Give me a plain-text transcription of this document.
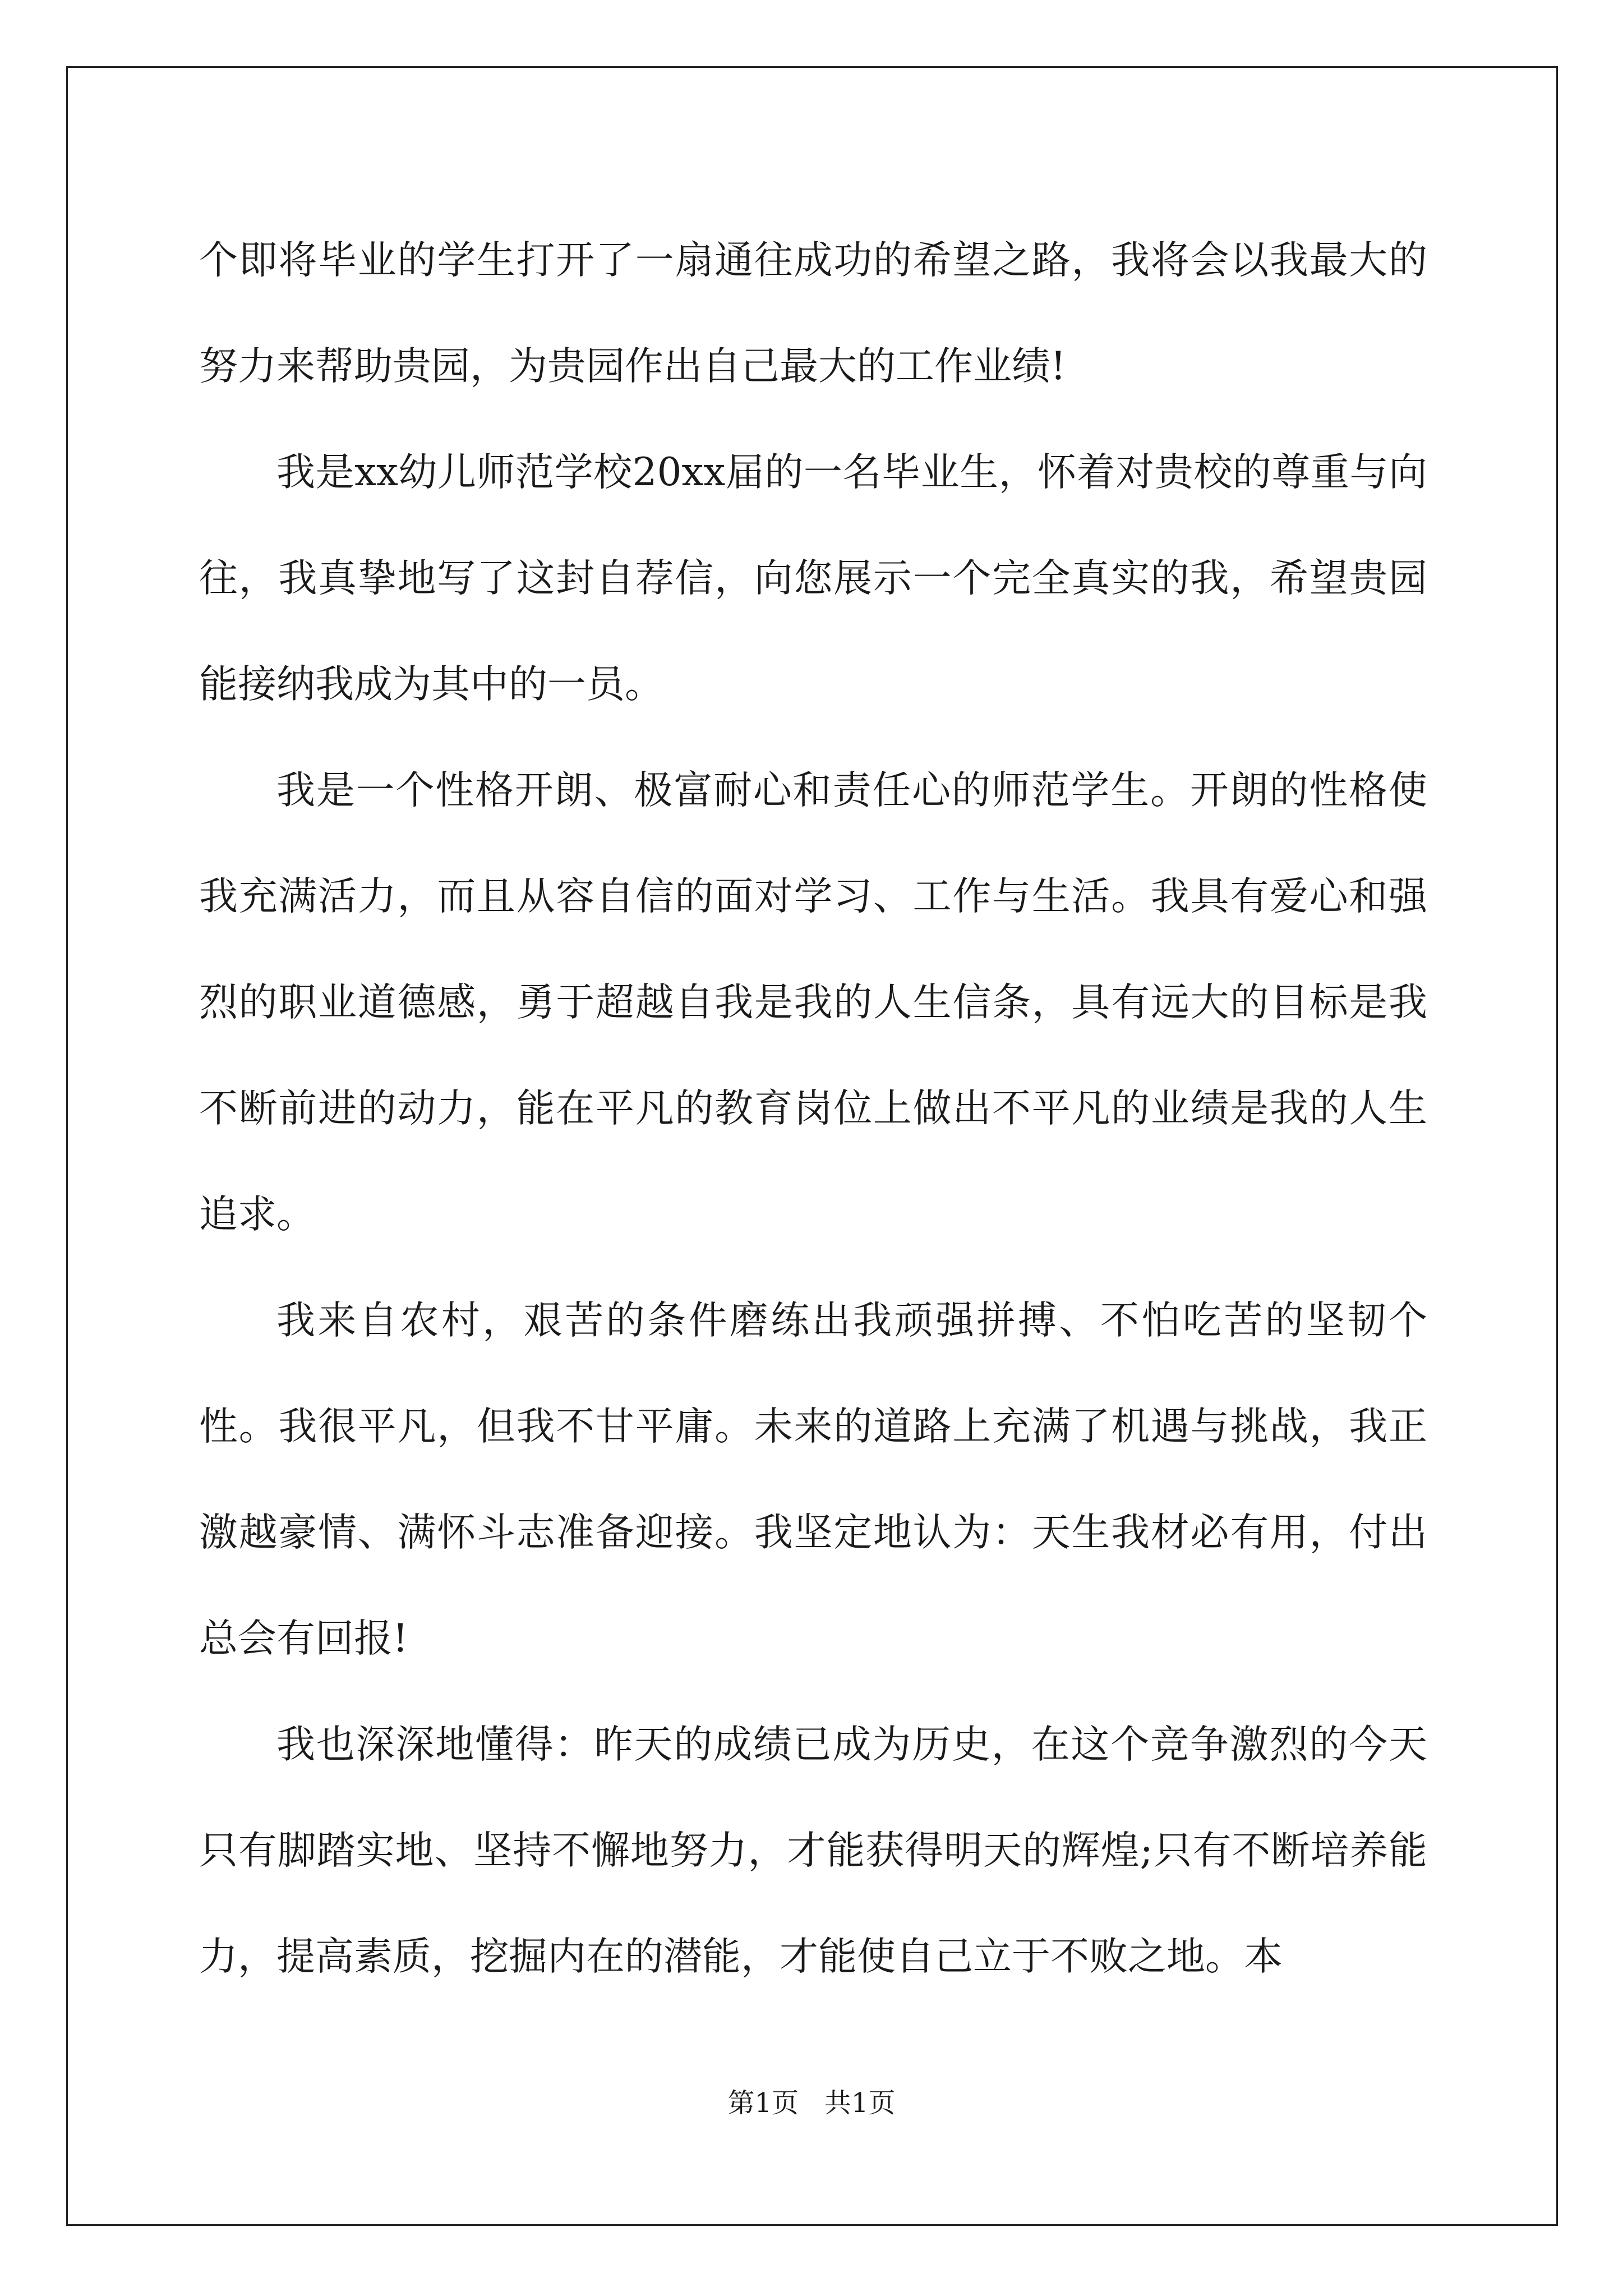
个即将毕业的学生打开了一扇通往成功的希望之路，我将会以我最大的努力来帮助贵园，为贵园作出自己最大的工作业绩!

我是xx幼儿师范学校20xx届的一名毕业生，怀着对贵校的尊重与向往，我真挚地写了这封自荐信，向您展示一个完全真实的我，希望贵园能接纳我成为其中的一员。

我是一个性格开朗、极富耐心和责任心的师范学生。开朗的性格使我充满活力，而且从容自信的面对学习、工作与生活。我具有爱心和强烈的职业道德感，勇于超越自我是我的人生信条，具有远大的目标是我不断前进的动力，能在平凡的教育岗位上做出不平凡的业绩是我的人生追求。

我来自农村，艰苦的条件磨练出我顽强拼搏、不怕吃苦的坚韧个性。我很平凡，但我不甘平庸。未来的道路上充满了机遇与挑战，我正激越豪情、满怀斗志准备迎接。我坚定地认为：天生我材必有用，付出总会有回报!

我也深深地懂得：昨天的成绩已成为历史，在这个竞争激烈的今天只有脚踏实地、坚持不懈地努力，才能获得明天的辉煌;只有不断培养能力，提高素质，挖掘内在的潜能，才能使自己立于不败之地。本

第1页   共1页
